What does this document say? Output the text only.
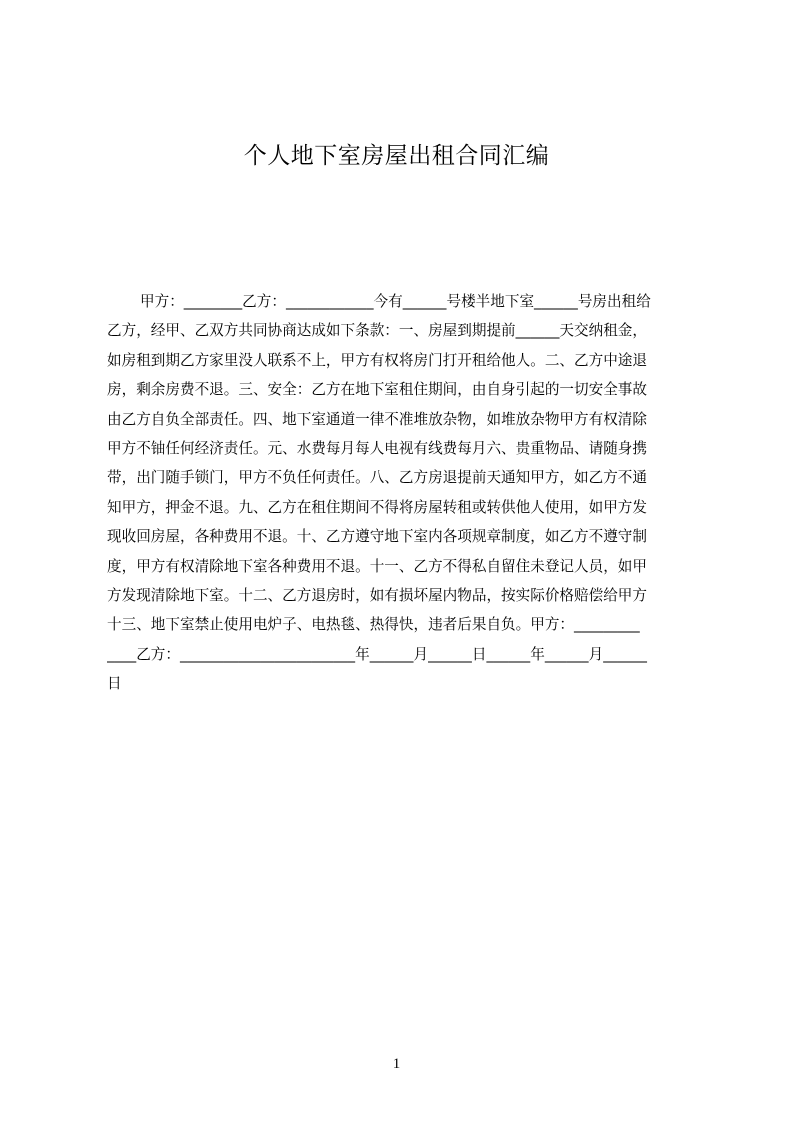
个人地下室房屋出租合同汇编
甲方：________乙方：____________今有______号楼半地下室______号房出租给
乙方，经甲、乙双方共同协商达成如下条款：一、房屋到期提前______天交纳租金，
如房租到期乙方家里没人联系不上，甲方有权将房门打开租给他人。二、乙方中途退
房，剩余房费不退。三、安全：乙方在地下室租住期间，由自身引起的一切安全事故
由乙方自负全部责任。四、地下室通道一律不准堆放杂物，如堆放杂物甲方有权清除
甲方不铀任何经济责任。元、水费每月每人电视有线费每月六、贵重物品、请随身携
带，出门随手锁门，甲方不负任何责任。八、乙方房退提前天通知甲方，如乙方不通
知甲方，押金不退。九、乙方在租住期间不得将房屋转租或转供他人使用，如甲方发
现收回房屋，各种费用不退。十、乙方遵守地下室内各项规章制度，如乙方不遵守制
度，甲方有权清除地下室各种费用不退。十一、乙方不得私自留住未登记人员，如甲
方发现清除地下室。十二、乙方退房时，如有损坏屋内物品，按实际价格赔偿给甲方
十三、地下室禁止使用电炉子、电热毯、热得快，违者后果自负。甲方：_________
____乙方：________________________年______月______日______年______月______
日
1
